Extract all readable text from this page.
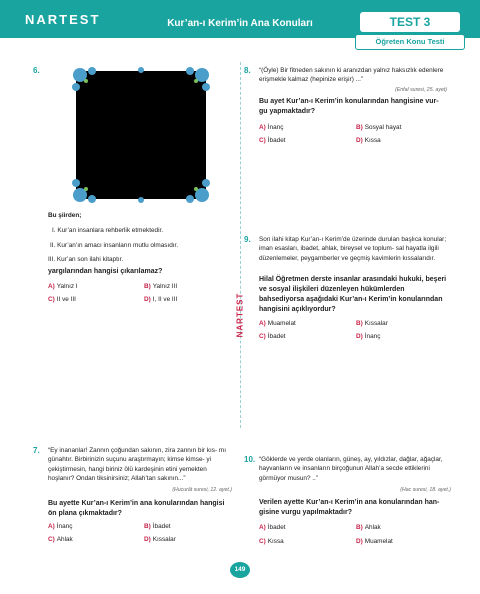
NARTEST	Kur’an-ı Kerim’in Ana Konuları	TEST 3
Öğreten Konu Testi
NARTEST
6.
Bu şiirden;
I. Kur’an insanlara rehberlik etmektedir.
II. Kur’an’ın amacı insanların mutlu olmasıdır.
III. Kur’an son ilahi kitaptır.
yargılarından hangisi çıkarılamaz?
A) Yalnız I	B) Yalnız III
C) II ve III	D) I, II ve III
7. “Ey inananlar! Zannın çoğundan sakının, zira zannın bir kıs- mı günahtır. Birbirinizin suçunu araştırmayın; kimse kimse- yi çekiştirmesin, hangi biriniz ölü kardeşinin etini yemekten hoşlanır? Ondan tiksinirsiniz; Allah’tan sakının...”
(Hucurât suresi, 12. ayet.)
Bu ayette Kur’an-ı Kerim’in ana konularından hangisi ön plana çıkmaktadır?
A) İnanç	B) İbadet
C) Ahlak	D) Kıssalar
8. “(Öyle) Bir fitneden sakının ki aranızdan yalnız haksızlık edenlere erişmekle kalmaz (hepinize erişir) ...”
(Enfal suresi, 25. ayet)
Bu ayet Kur’an-ı Kerim’in konularından hangisine vur- gu yapmaktadır?
A) İnanç	B) Sosyal hayat
C) İbadet	D) Kıssa
9. Son ilahi kitap Kur’an-ı Kerim’de üzerinde durulan başlıca konular; iman esasları, ibadet, ahlak, bireysel ve toplum- sal hayatla ilgili düzenlemeler, peygamberler ve geçmiş kavimlerin kıssalarıdır.
Hilal Öğretmen derste insanlar arasındaki hukuki, beşeri ve sosyal ilişkileri düzenleyen hükümlerden bahsediyorsa aşağıdaki Kur’an-ı Kerim’in konularından hangisini açıklıyordur?
A) Muamelat	B) Kıssalar
C) İbadet	D) İnanç
10. “Göklerde ve yerde olanların, güneş, ay, yıldızlar, dağlar, ağaçlar, hayvanların ve insanların birçoğunun Allah’a secde ettiklerini görmüyor musun? ..”
(Hac suresi, 18. ayet.)
Verilen ayette Kur’an-ı Kerim’in ana konularından han- gisine vurgu yapılmaktadır?
A) İbadet	B) Ahlak
C) Kıssa	D) Muamelat
149
